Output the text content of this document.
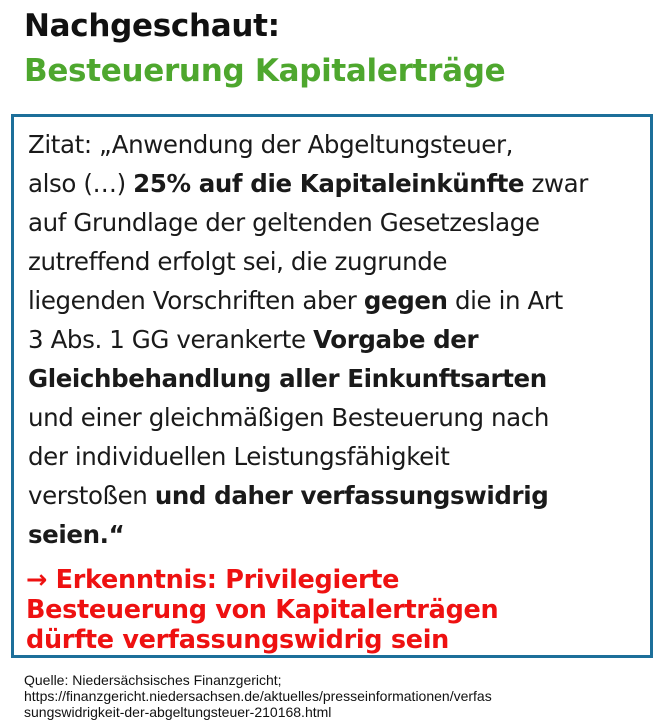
Nachgeschaut:
Besteuerung Kapitalerträge
Zitat: „Anwendung der Abgeltungsteuer,
also (…) 25% auf die Kapitaleinkünfte zwar
auf Grundlage der geltenden Gesetzeslage
zutreffend erfolgt sei, die zugrunde
liegenden Vorschriften aber gegen die in Art
3 Abs. 1 GG verankerte Vorgabe der
Gleichbehandlung aller Einkunftsarten
und einer gleichmäßigen Besteuerung nach
der individuellen Leistungsfähigkeit
verstoßen und daher verfassungswidrig
seien.“
→ Erkenntnis: Privilegierte
Besteuerung von Kapitalerträgen
dürfte verfassungswidrig sein
Quelle: Niedersächsisches Finanzgericht;
https://finanzgericht.niedersachsen.de/aktuelles/presseinformationen/verfas
sungswidrigkeit-der-abgeltungsteuer-210168.html
